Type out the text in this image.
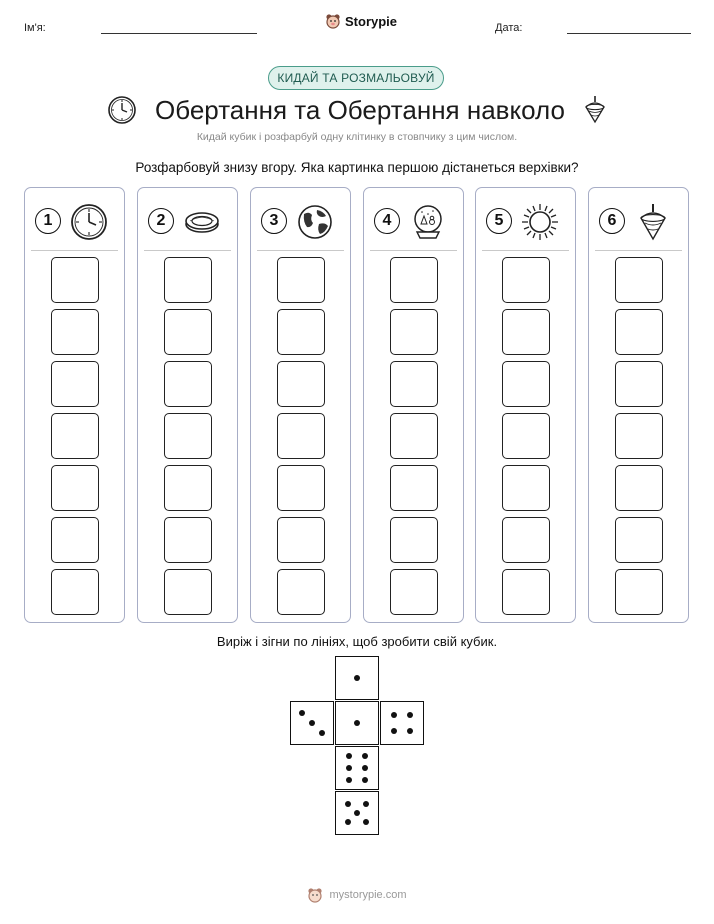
Ім'я:	Storypie	Дата:
КИДАЙ ТА РОЗМАЛЬОВУЙ
Обертання та Обертання навколо
Кидай кубик і розфарбуй одну клітинку в стовпчику з цим числом.
Розфарбовуй знизу вгору. Яка картинка першою дістанеться верхівки?
1	2	3	4	5	6
Виріж і зігни по лініях, щоб зробити свій кубик.
mystorypie.com
